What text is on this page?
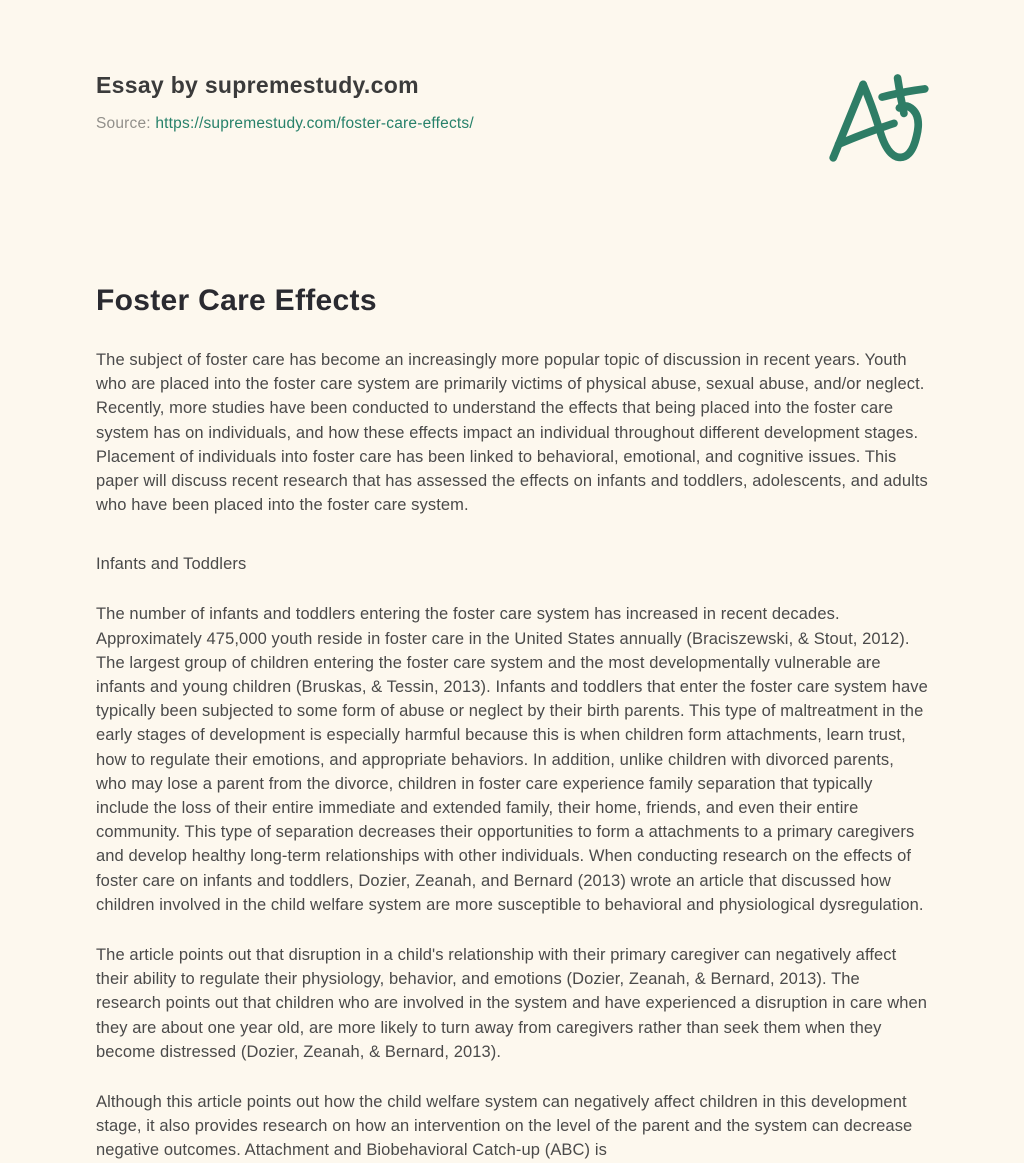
Essay by supremestudy.com

Source: https://supremestudy.com/foster-care-effects/

Foster Care Effects

The subject of foster care has become an increasingly more popular topic of discussion in recent years. Youth who are placed into the foster care system are primarily victims of physical abuse, sexual abuse, and/or neglect. Recently, more studies have been conducted to understand the effects that being placed into the foster care system has on individuals, and how these effects impact an individual throughout different development stages. Placement of individuals into foster care has been linked to behavioral, emotional, and cognitive issues. This paper will discuss recent research that has assessed the effects on infants and toddlers, adolescents, and adults who have been placed into the foster care system.

Infants and Toddlers

The number of infants and toddlers entering the foster care system has increased in recent decades. Approximately 475,000 youth reside in foster care in the United States annually (Braciszewski, & Stout, 2012). The largest group of children entering the foster care system and the most developmentally vulnerable are infants and young children (Bruskas, & Tessin, 2013). Infants and toddlers that enter the foster care system have typically been subjected to some form of abuse or neglect by their birth parents. This type of maltreatment in the early stages of development is especially harmful because this is when children form attachments, learn trust, how to regulate their emotions, and appropriate behaviors. In addition, unlike children with divorced parents, who may lose a parent from the divorce, children in foster care experience family separation that typically include the loss of their entire immediate and extended family, their home, friends, and even their entire community. This type of separation decreases their opportunities to form a attachments to a primary caregivers and develop healthy long-term relationships with other individuals. When conducting research on the effects of foster care on infants and toddlers, Dozier, Zeanah, and Bernard (2013) wrote an article that discussed how children involved in the child welfare system are more susceptible to behavioral and physiological dysregulation.

The article points out that disruption in a child's relationship with their primary caregiver can negatively affect their ability to regulate their physiology, behavior, and emotions (Dozier, Zeanah, & Bernard, 2013). The research points out that children who are involved in the system and have experienced a disruption in care when they are about one year old, are more likely to turn away from caregivers rather than seek them when they become distressed (Dozier, Zeanah, & Bernard, 2013).

Although this article points out how the child welfare system can negatively affect children in this development stage, it also provides research on how an intervention on the level of the parent and the system can decrease negative outcomes. Attachment and Biobehavioral Catch-up (ABC) is
